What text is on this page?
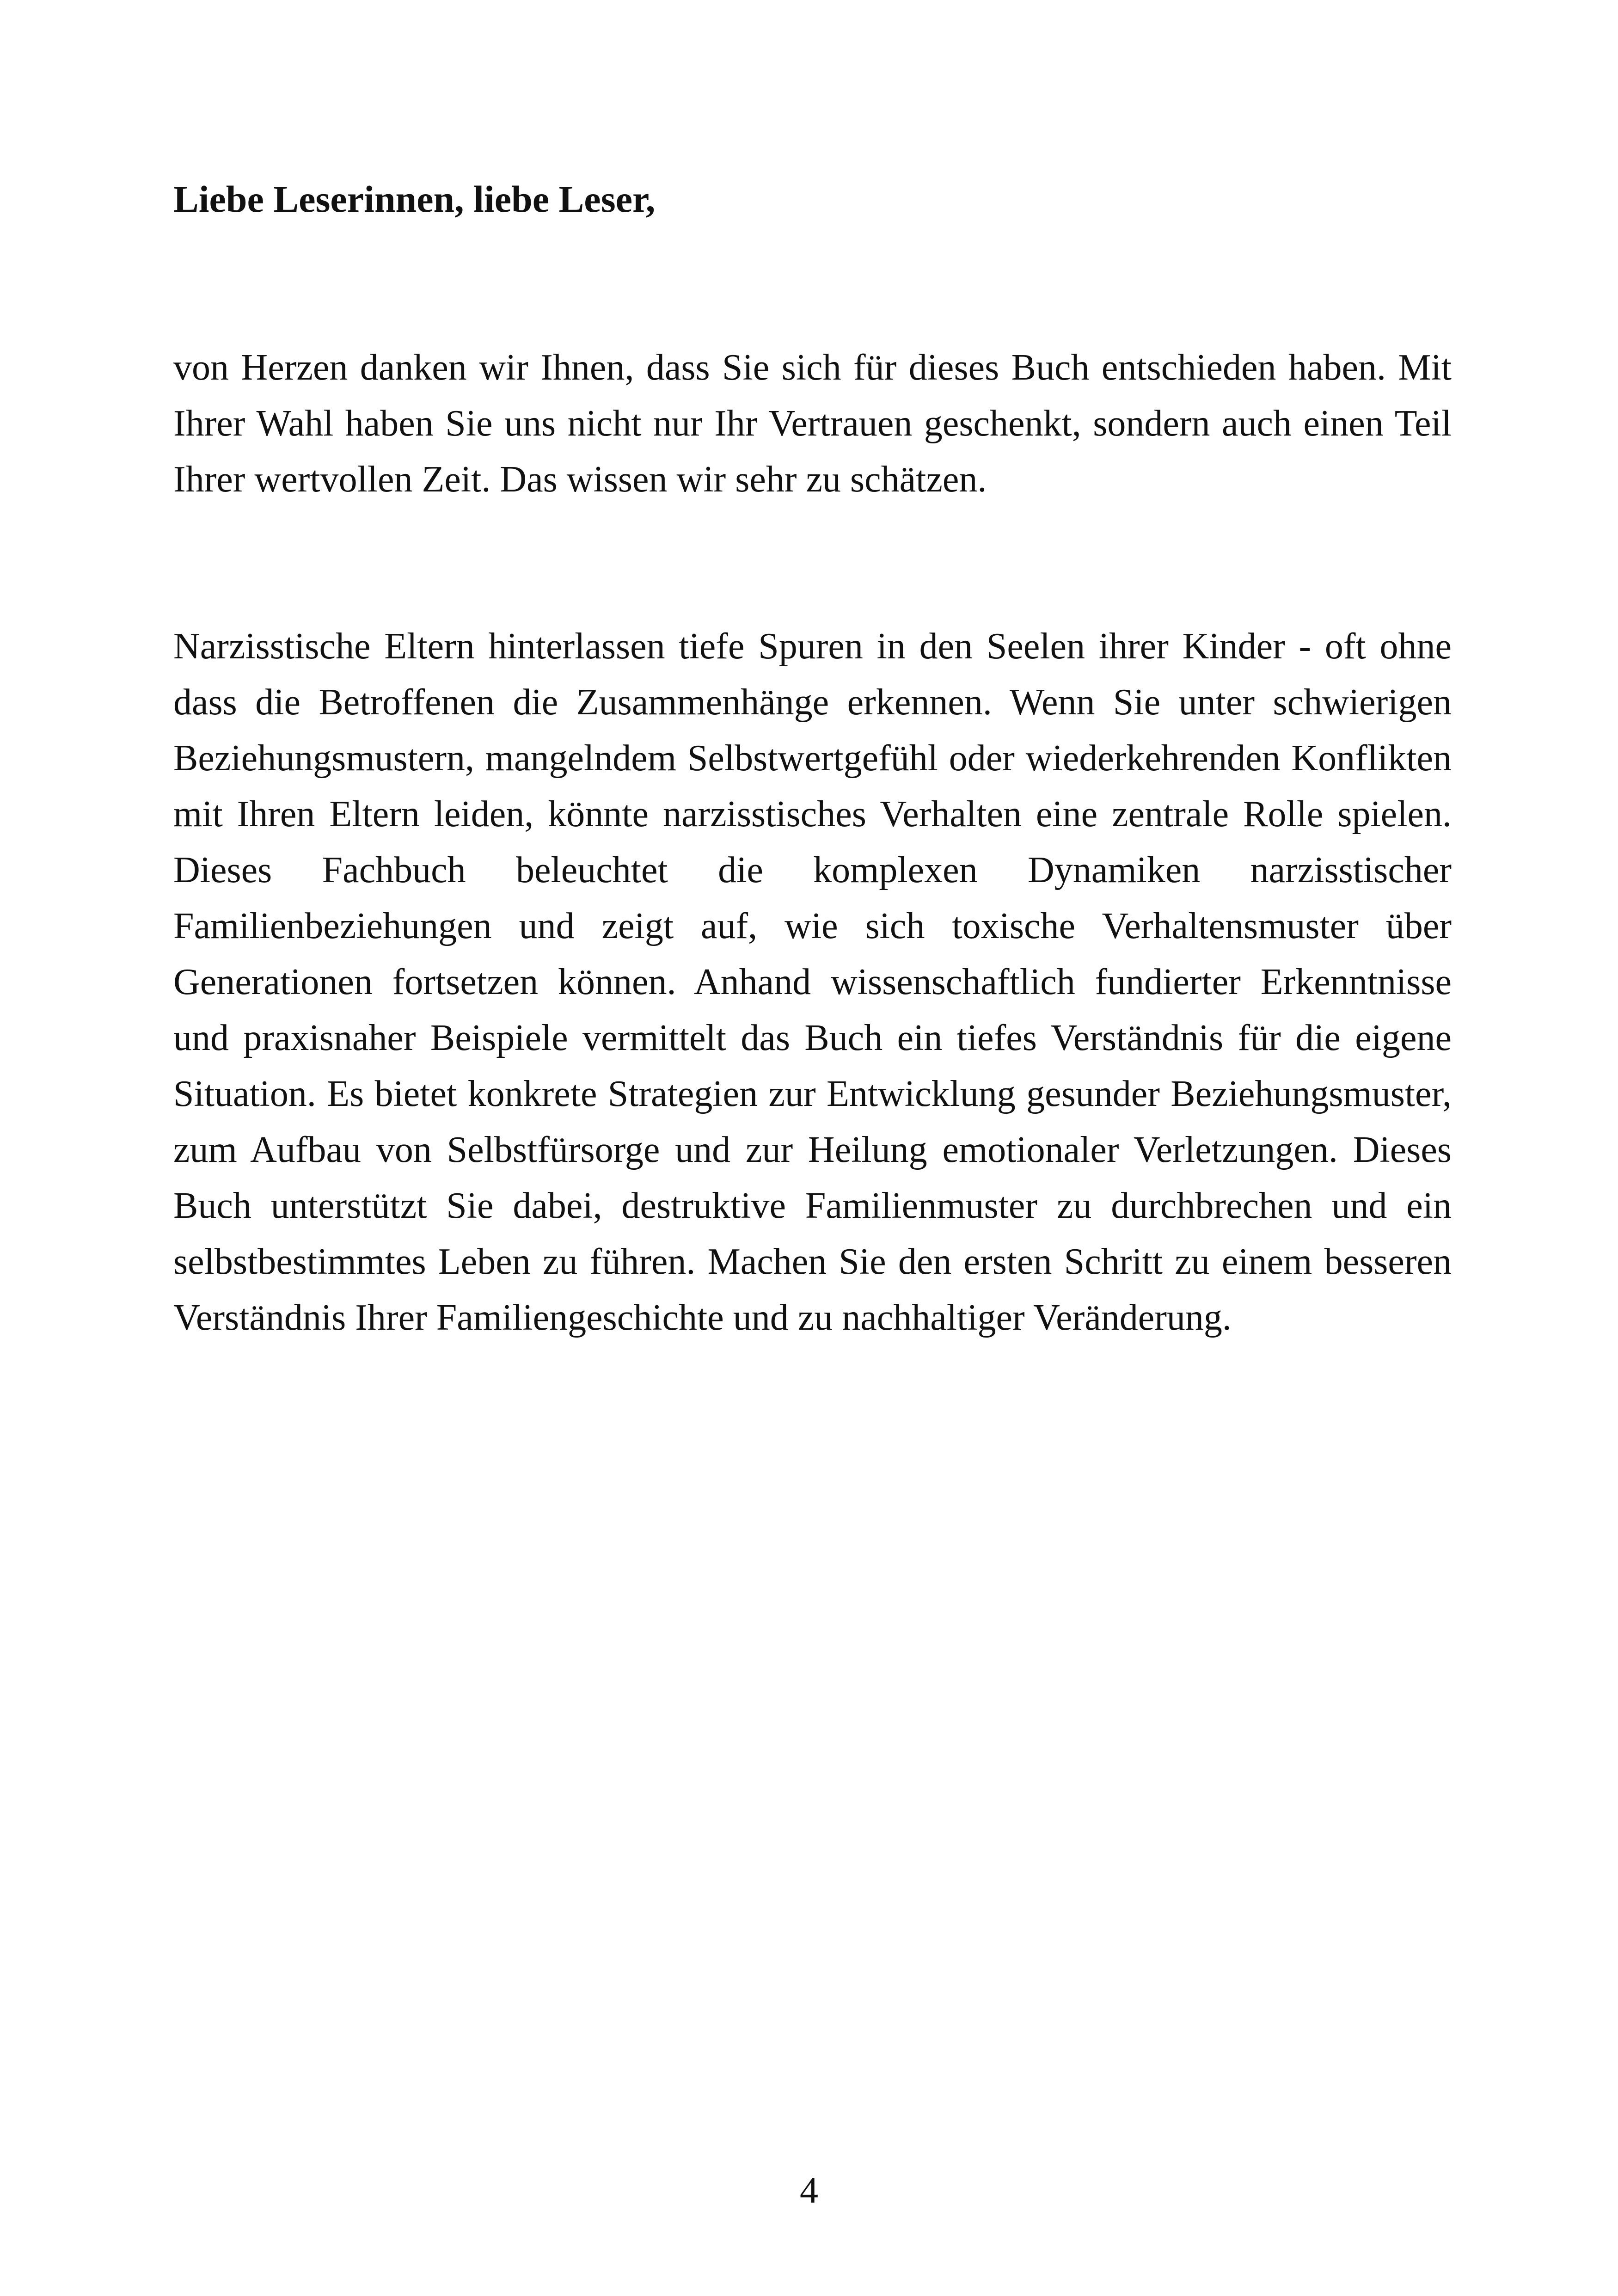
Liebe Leserinnen, liebe Leser,

von Herzen danken wir Ihnen, dass Sie sich für dieses Buch entschieden haben. Mit Ihrer Wahl haben Sie uns nicht nur Ihr Vertrauen geschenkt, sondern auch einen Teil Ihrer wertvollen Zeit. Das wissen wir sehr zu schätzen.

Narzisstische Eltern hinterlassen tiefe Spuren in den Seelen ihrer Kinder - oft ohne dass die Betroffenen die Zusammenhänge erkennen. Wenn Sie unter schwierigen Beziehungsmustern, mangelndem Selbstwertgefühl oder wiederkehrenden Konflikten mit Ihren Eltern leiden, könnte narzisstisches Verhalten eine zentrale Rolle spielen. Dieses Fachbuch beleuchtet die komplexen Dynamiken narzisstischer Familienbeziehungen und zeigt auf, wie sich toxische Verhaltensmuster über Generationen fortsetzen können. Anhand wissenschaftlich fundierter Erkenntnisse und praxisnaher Beispiele vermittelt das Buch ein tiefes Verständnis für die eigene Situation. Es bietet konkrete Strategien zur Entwicklung gesunder Beziehungsmuster, zum Aufbau von Selbstfürsorge und zur Heilung emotionaler Verletzungen. Dieses Buch unterstützt Sie dabei, destruktive Familienmuster zu durchbrechen und ein selbstbestimmtes Leben zu führen. Machen Sie den ersten Schritt zu einem besseren Verständnis Ihrer Familiengeschichte und zu nachhaltiger Veränderung.

4
